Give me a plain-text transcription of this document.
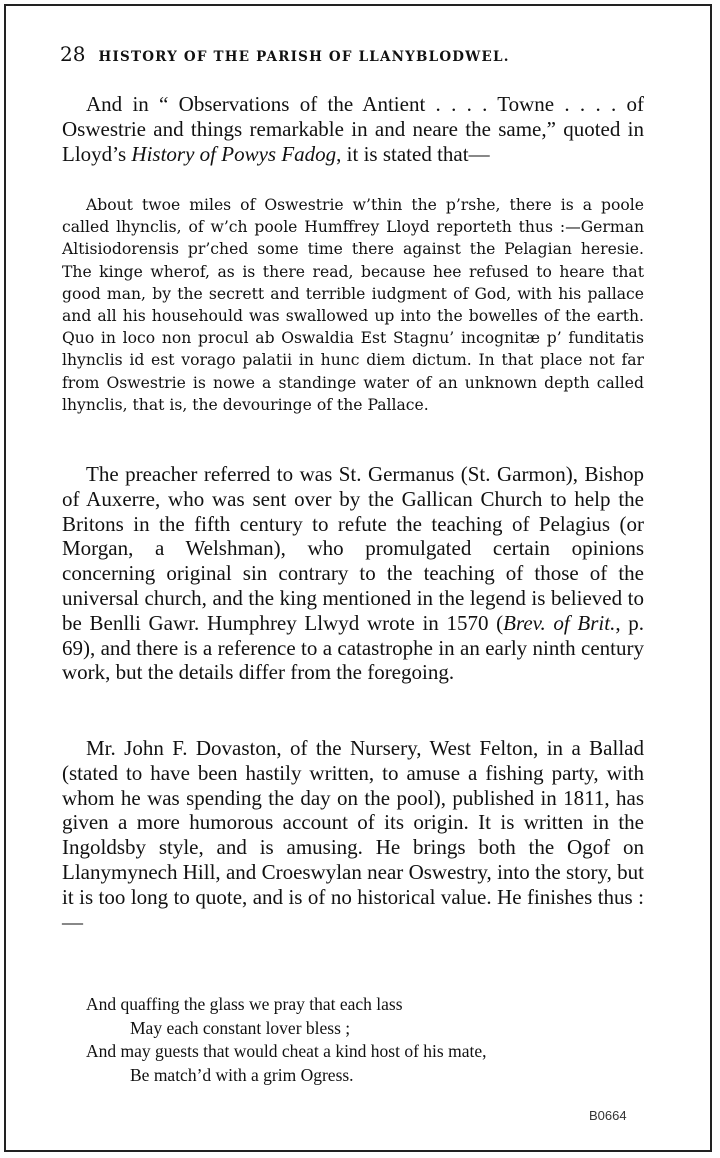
28 HISTORY OF THE PARISH OF LLANYBLODWEL.

And in “ Observations of the Antient . . . . Towne . . . . of Oswestrie and things remarkable in and neare the same,” quoted in Lloyd’s History of Powys Fadog, it is stated that—

About twoe miles of Oswestrie w’thin the p’rshe, there is a poole called lhynclis, of w’ch poole Humffrey Lloyd reporteth thus :—German Altisiodorensis pr’ched some time there against the Pelagian heresie. The kinge wherof, as is there read, because hee refused to heare that good man, by the secrett and terrible iudgment of God, with his pallace and all his househould was swallowed up into the bowelles of the earth. Quo in loco non procul ab Oswaldia Est Stagnu’ incognitæ p’ funditatis lhynclis id est vorago palatii in hunc diem dictum. In that place not far from Oswestrie is nowe a standinge water of an unknown depth called lhynclis, that is, the devouringe of the Pallace.

The preacher referred to was St. Germanus (St. Garmon), Bishop of Auxerre, who was sent over by the Gallican Church to help the Britons in the fifth century to refute the teaching of Pelagius (or Morgan, a Welshman), who promulgated certain opinions concerning original sin contrary to the teaching of those of the universal church, and the king mentioned in the legend is believed to be Benlli Gawr. Humphrey Llwyd wrote in 1570 (Brev. of Brit., p. 69), and there is a reference to a catastrophe in an early ninth century work, but the details differ from the foregoing.

Mr. John F. Dovaston, of the Nursery, West Felton, in a Ballad (stated to have been hastily written, to amuse a fishing party, with whom he was spending the day on the pool), published in 1811, has given a more humorous account of its origin. It is written in the Ingoldsby style, and is amusing. He brings both the Ogof on Llanymynech Hill, and Croeswylan near Oswestry, into the story, but it is too long to quote, and is of no historical value. He finishes thus :—

And quaffing the glass we pray that each lass
May each constant lover bless ;
And may guests that would cheat a kind host of his mate,
Be match’d with a grim Ogress.
B0664
